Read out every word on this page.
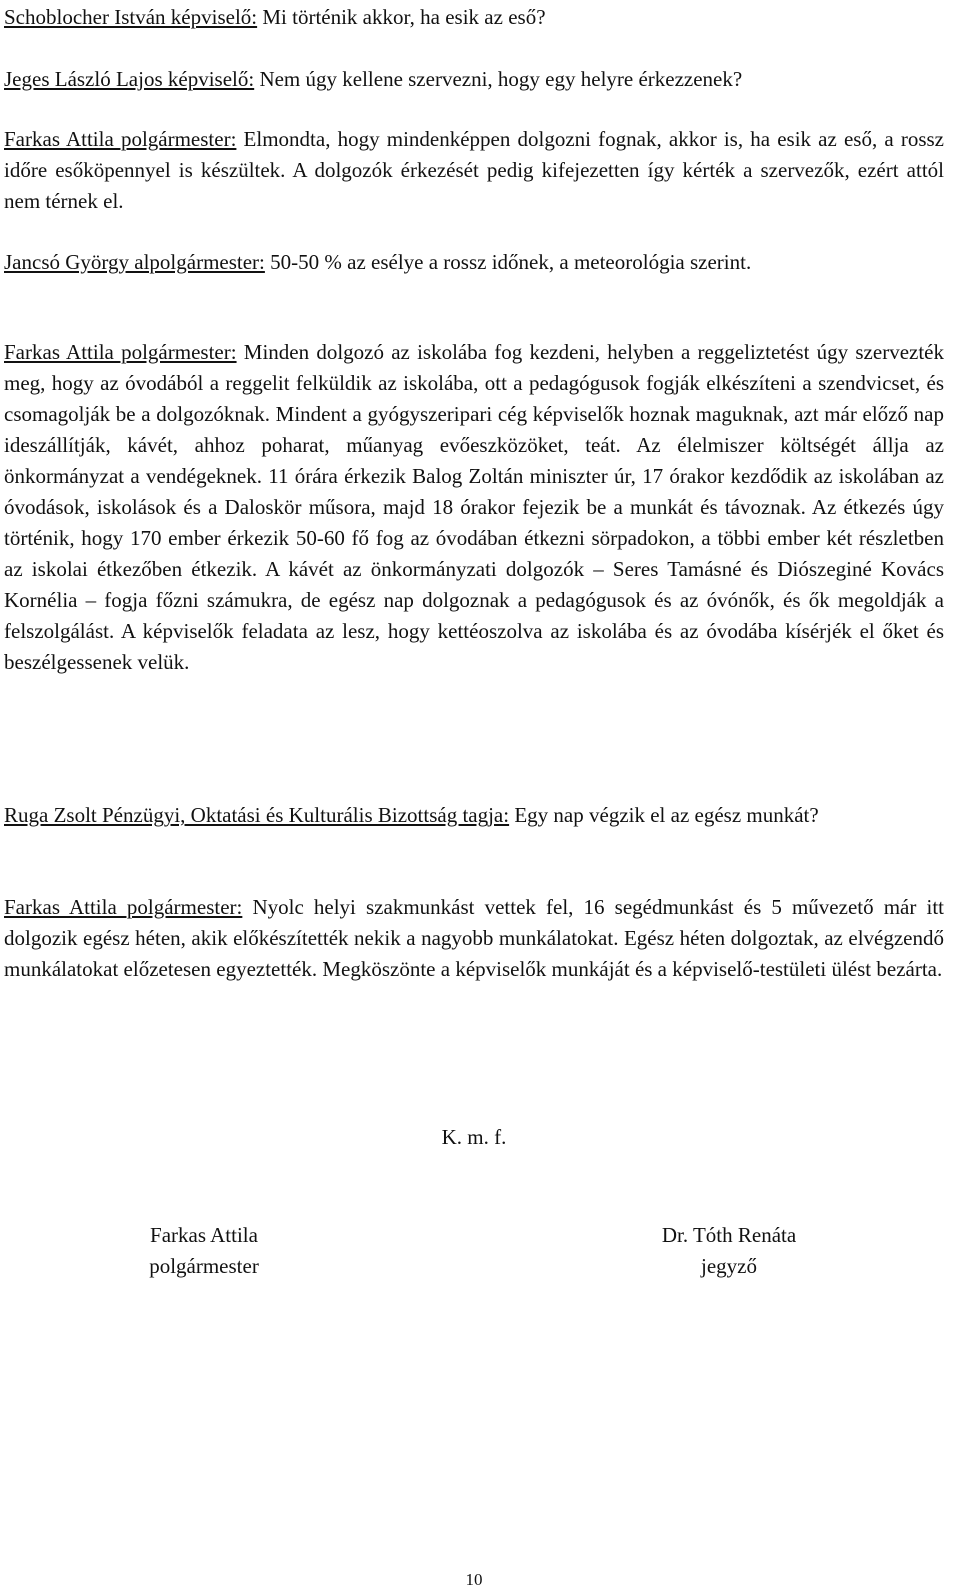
Schoblocher István képviselő: Mi történik akkor, ha esik az eső?

Jeges László Lajos képviselő: Nem úgy kellene szervezni, hogy egy helyre érkezzenek?

Farkas Attila polgármester: Elmondta, hogy mindenképpen dolgozni fognak, akkor is, ha esik az eső, a rossz időre esőköpennyel is készültek. A dolgozók érkezését pedig kifejezetten így kérték a szervezők, ezért attól nem térnek el.

Jancsó György alpolgármester: 50-50 % az esélye a rossz időnek, a meteorológia szerint.

Farkas Attila polgármester: Minden dolgozó az iskolába fog kezdeni, helyben a reggeliztetést úgy szervezték meg, hogy az óvodából a reggelit felküldik az iskolába, ott a pedagógusok fogják elkészíteni a szendvicset, és csomagolják be a dolgozóknak. Mindent a gyógyszeripari cég képviselők hoznak maguknak, azt már előző nap ideszállítják, kávét, ahhoz poharat, műanyag evőeszközöket, teát. Az élelmiszer költségét állja az önkormányzat a vendégeknek. 11 órára érkezik Balog Zoltán miniszter úr, 17 órakor kezdődik az iskolában az óvodások, iskolások és a Daloskör műsora, majd 18 órakor fejezik be a munkát és távoznak. Az étkezés úgy történik, hogy 170 ember érkezik 50-60 fő fog az óvodában étkezni sörpadokon, a többi ember két részletben az iskolai étkezőben étkezik. A kávét az önkormányzati dolgozók – Seres Tamásné és Diószeginé Kovács Kornélia – fogja főzni számukra, de egész nap dolgoznak a pedagógusok és az óvónők, és ők megoldják a felszolgálást. A képviselők feladata az lesz, hogy kettéoszolva az iskolába és az óvodába kísérjék el őket és beszélgessenek velük.

Ruga Zsolt Pénzügyi, Oktatási és Kulturális Bizottság tagja: Egy nap végzik el az egész munkát?

Farkas Attila polgármester: Nyolc helyi szakmunkást vettek fel, 16 segédmunkást és 5 művezető már itt dolgozik egész héten, akik előkészítették nekik a nagyobb munkálatokat. Egész héten dolgoztak, az elvégzendő munkálatokat előzetesen egyeztették. Megköszönte a képviselők munkáját és a képviselő-testületi ülést bezárta.

K. m. f.
Farkas Attila
polgármester
Dr. Tóth Renáta
jegyző
10
